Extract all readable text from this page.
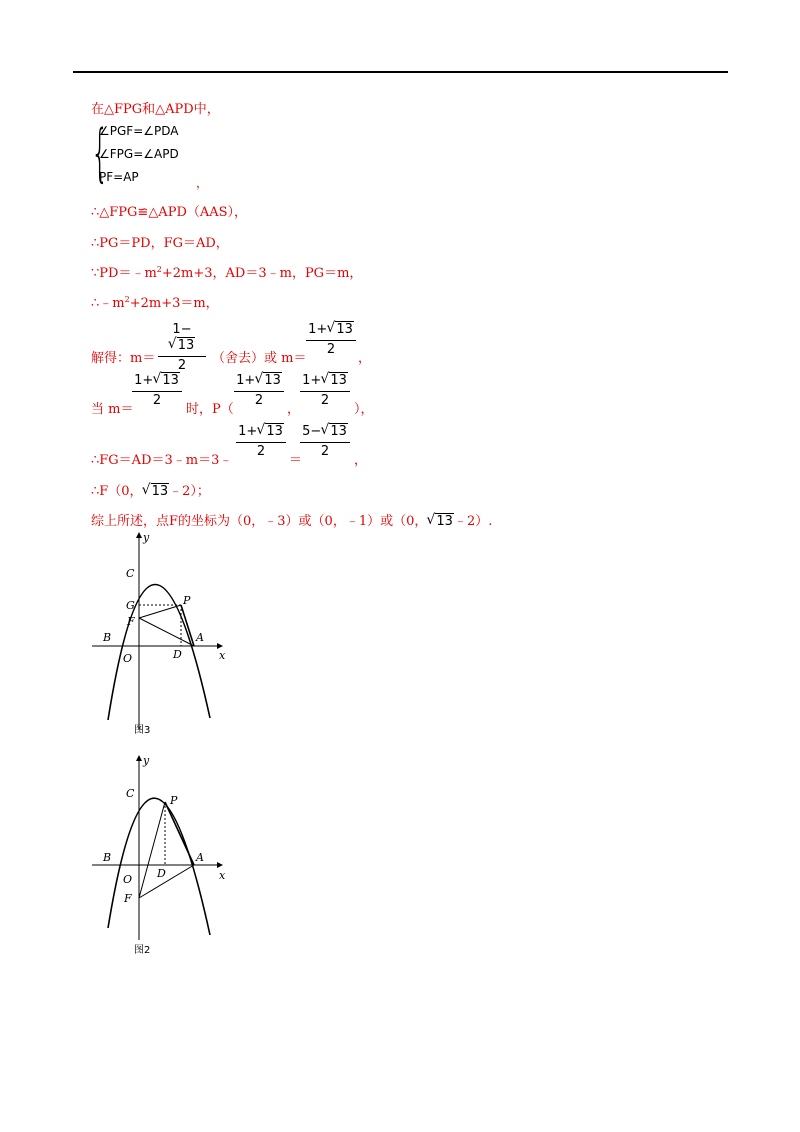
在△FPG和△APD中，
{
∠PGF=∠PDA
∠FPG=∠APD
PF=AP	，
∴△FPG≌△APD（AAS），
∴PG＝PD，FG＝AD，
$\because PD=﹣m^2+2m+3$，AD＝3﹣m，PG＝m，
$\therefore﹣m^2+2m+3=m$，
解得：$m= \frac{1-√ 13}{2}$ （舍去）或 m＝
$\frac{1+ √ 13}{2}$
，
当 m＝
$\frac{1+ √ 13}{2}$
时，P（
$\frac{1+ √ 13}{2}$
，
$\frac{1+ √ 13}{2}$
），
∴FG＝AD＝3﹣m＝3﹣
$\frac{1+ √ 13}{2}$
＝
$\frac{5- √ 13}{2}$
，
∴F（0， √ 13﹣2）；
综上所述，点F的坐标为（0，﹣3）或（0，﹣1）或（0， √ 13﹣2）.
y
x
C
G	P
F
B
O	D
A
图3
y
x
C
P
B
O D
A
F
图2
